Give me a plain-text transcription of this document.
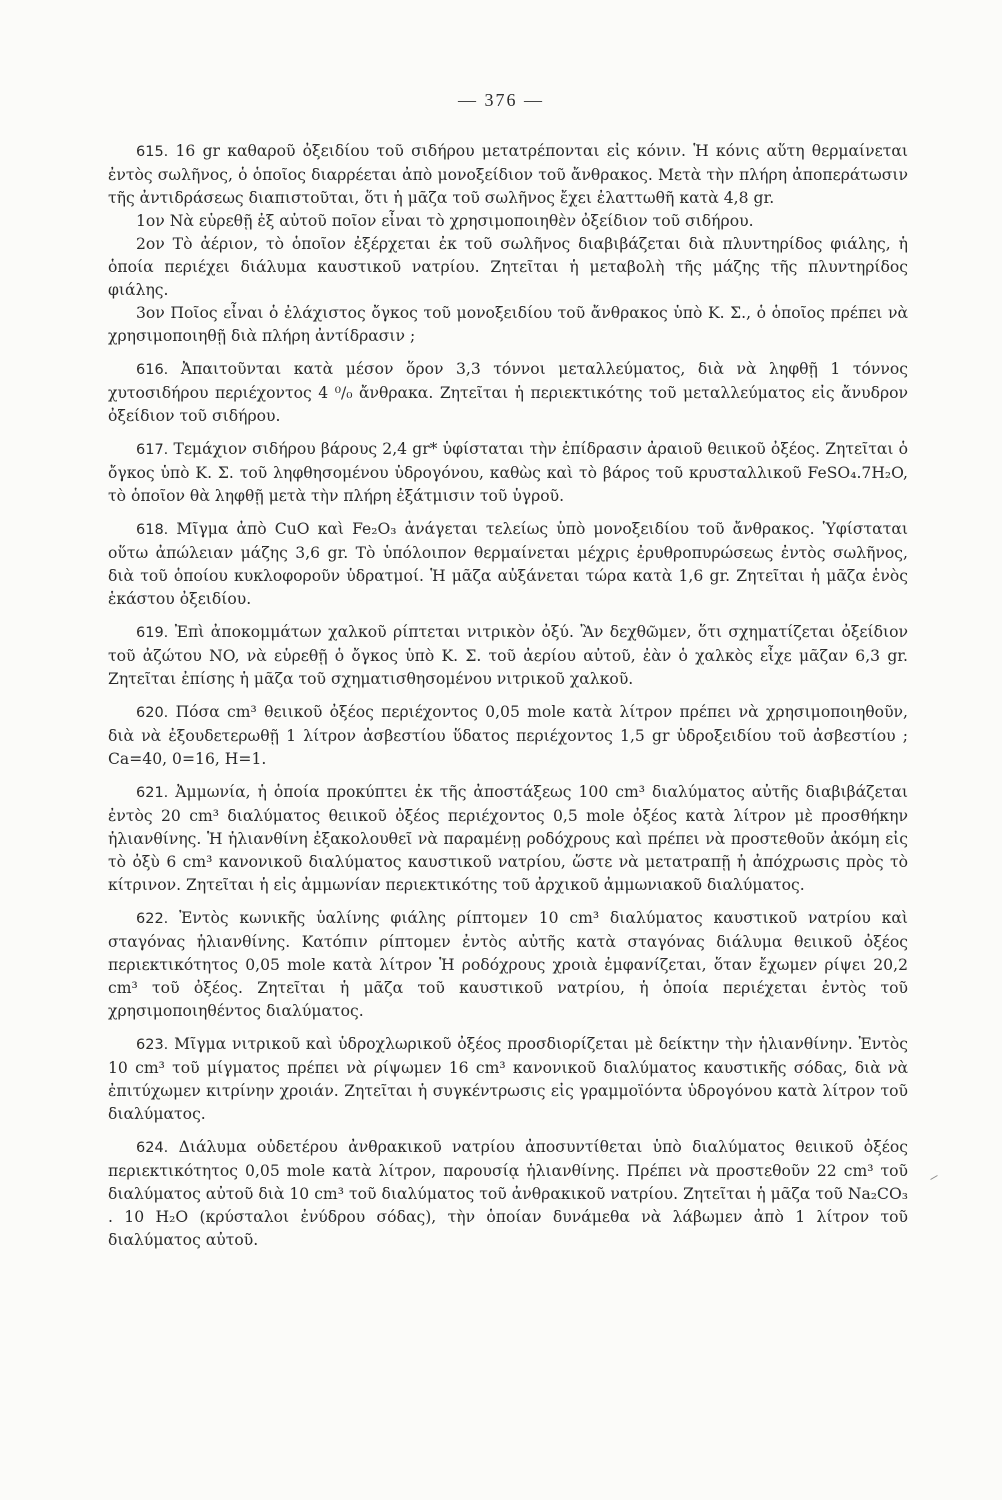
— 376 —
615. 16 gr καθαροῦ ὀξειδίου τοῦ σιδήρου μετατρέπονται εἰς κόνιν. Ἡ κόνις αὕτη θερμαίνεται ἐντὸς σωλῆνος, ὁ ὁποῖος διαρρέεται ἀπὸ μονοξείδιον τοῦ ἄνθρακος. Μετὰ τὴν πλήρη ἀποπεράτωσιν τῆς ἀντιδράσεως διαπιστοῦται, ὅτι ἡ μᾶζα τοῦ σωλῆνος ἔχει ἐλαττωθῆ κατὰ 4,8 gr.
1ον Νὰ εὑρεθῇ ἐξ αὐτοῦ ποῖον εἶναι τὸ χρησιμοποιηθὲν ὀξείδιον τοῦ σιδήρου.
2ον Τὸ ἀέριον, τὸ ὁποῖον ἐξέρχεται ἐκ τοῦ σωλῆνος διαβιβάζεται διὰ πλυντηρίδος φιάλης, ἡ ὁποία περιέχει διάλυμα καυστικοῦ νατρίου. Ζητεῖται ἡ μεταβολὴ τῆς μάζης τῆς πλυντηρίδος φιάλης.
3ον Ποῖος εἶναι ὁ ἐλάχιστος ὄγκος τοῦ μονοξειδίου τοῦ ἄνθρακος ὑπὸ Κ. Σ., ὁ ὁποῖος πρέπει νὰ χρησιμοποιηθῇ διὰ πλήρη ἀντίδρασιν ;
616. Ἀπαιτοῦνται κατὰ μέσον ὅρον 3,3 τόννοι μεταλλεύματος, διὰ νὰ ληφθῇ 1 τόννος χυτοσιδήρου περιέχοντος 4 ⁰/₀ ἄνθρακα. Ζητεῖται ἡ περιεκτικότης τοῦ μεταλλεύματος εἰς ἄνυδρον ὀξείδιον τοῦ σιδήρου.
617. Τεμάχιον σιδήρου βάρους 2,4 gr* ὑφίσταται τὴν ἐπίδρασιν ἀραιοῦ θειικοῦ ὀξέος. Ζητεῖται ὁ ὄγκος ὑπὸ Κ. Σ. τοῦ ληφθησομένου ὑδρογόνου, καθὼς καὶ τὸ βάρος τοῦ κρυσταλλικοῦ FeSO₄.7H₂O, τὸ ὁποῖον θὰ ληφθῇ μετὰ τὴν πλήρη ἐξάτμισιν τοῦ ὑγροῦ.
618. Μῖγμα ἀπὸ CuO καὶ Fe₂O₃ ἀνάγεται τελείως ὑπὸ μονοξειδίου τοῦ ἄνθρακος. Ὑφίσταται οὕτω ἀπώλειαν μάζης 3,6 gr. Τὸ ὑπόλοιπον θερμαίνεται μέχρις ἐρυθροπυρώσεως ἐντὸς σωλῆνος, διὰ τοῦ ὁποίου κυκλοφοροῦν ὑδρατμοί. Ἡ μᾶζα αὐξάνεται τώρα κατὰ 1,6 gr. Ζητεῖται ἡ μᾶζα ἑνὸς ἑκάστου ὀξειδίου.
619. Ἐπὶ ἀποκομμάτων χαλκοῦ ρίπτεται νιτρικὸν ὀξύ. Ἂν δεχθῶμεν, ὅτι σχηματίζεται ὀξείδιον τοῦ ἀζώτου NO, νὰ εὑρεθῇ ὁ ὄγκος ὑπὸ Κ. Σ. τοῦ ἀερίου αὐτοῦ, ἐὰν ὁ χαλκὸς εἶχε μᾶζαν 6,3 gr. Ζητεῖται ἐπίσης ἡ μᾶζα τοῦ σχηματισθησομένου νιτρικοῦ χαλκοῦ.
620. Πόσα cm³ θειικοῦ ὀξέος περιέχοντος 0,05 mole κατὰ λίτρον πρέπει νὰ χρησιμοποιηθοῦν, διὰ νὰ ἐξουδετερωθῇ 1 λίτρον ἀσβεστίου ὕδατος περιέχοντος 1,5 gr ὑδροξειδίου τοῦ ἀσβεστίου ; Ca=40, 0=16, H=1.
621. Ἀμμωνία, ἡ ὁποία προκύπτει ἐκ τῆς ἀποστάξεως 100 cm³ διαλύματος αὐτῆς διαβιβάζεται ἐντὸς 20 cm³ διαλύματος θειικοῦ ὀξέος περιέχοντος 0,5 mole ὀξέος κατὰ λίτρον μὲ προσθήκην ἡλιανθίνης. Ἡ ἡλιανθίνη ἐξακολουθεῖ νὰ παραμένῃ ροδόχρους καὶ πρέπει νὰ προστεθοῦν ἀκόμη εἰς τὸ ὀξὺ 6 cm³ κανονικοῦ διαλύματος καυστικοῦ νατρίου, ὥστε νὰ μετατραπῇ ἡ ἀπόχρωσις πρὸς τὸ κίτρινον. Ζητεῖται ἡ εἰς ἀμμωνίαν περιεκτικότης τοῦ ἀρχικοῦ ἀμμωνιακοῦ διαλύματος.
622. Ἐντὸς κωνικῆς ὑαλίνης φιάλης ρίπτομεν 10 cm³ διαλύματος καυστικοῦ νατρίου καὶ σταγόνας ἡλιανθίνης. Κατόπιν ρίπτομεν ἐντὸς αὐτῆς κατὰ σταγόνας διάλυμα θειικοῦ ὀξέος περιεκτικότητος 0,05 mole κατὰ λίτρον Ἡ ροδόχρους χροιὰ ἐμφανίζεται, ὅταν ἔχωμεν ρίψει 20,2 cm³ τοῦ ὀξέος. Ζητεῖται ἡ μᾶζα τοῦ καυστικοῦ νατρίου, ἡ ὁποία περιέχεται ἐντὸς τοῦ χρησιμοποιηθέντος διαλύματος.
623. Μῖγμα νιτρικοῦ καὶ ὑδροχλωρικοῦ ὀξέος προσδιορίζεται μὲ δείκτην τὴν ἡλιανθίνην. Ἐντὸς 10 cm³ τοῦ μίγματος πρέπει νὰ ρίψωμεν 16 cm³ κανονικοῦ διαλύματος καυστικῆς σόδας, διὰ νὰ ἐπιτύχωμεν κιτρίνην χροιάν. Ζητεῖται ἡ συγκέντρωσις εἰς γραμμοϊόντα ὑδρογόνου κατὰ λίτρον τοῦ διαλύματος.
624. Διάλυμα οὐδετέρου ἀνθρακικοῦ νατρίου ἀποσυντίθεται ὑπὸ διαλύματος θειικοῦ ὀξέος περιεκτικότητος 0,05 mole κατὰ λίτρον, παρουσίᾳ ἡλιανθίνης. Πρέπει νὰ προστεθοῦν 22 cm³ τοῦ διαλύματος αὐτοῦ διὰ 10 cm³ τοῦ διαλύματος τοῦ ἀνθρακικοῦ νατρίου. Ζητεῖται ἡ μᾶζα τοῦ Na₂CO₃ . 10 H₂O (κρύσταλοι ἐνύδρου σόδας), τὴν ὁποίαν δυνάμεθα νὰ λάβωμεν ἀπὸ 1 λίτρον τοῦ διαλύματος αὐτοῦ.
